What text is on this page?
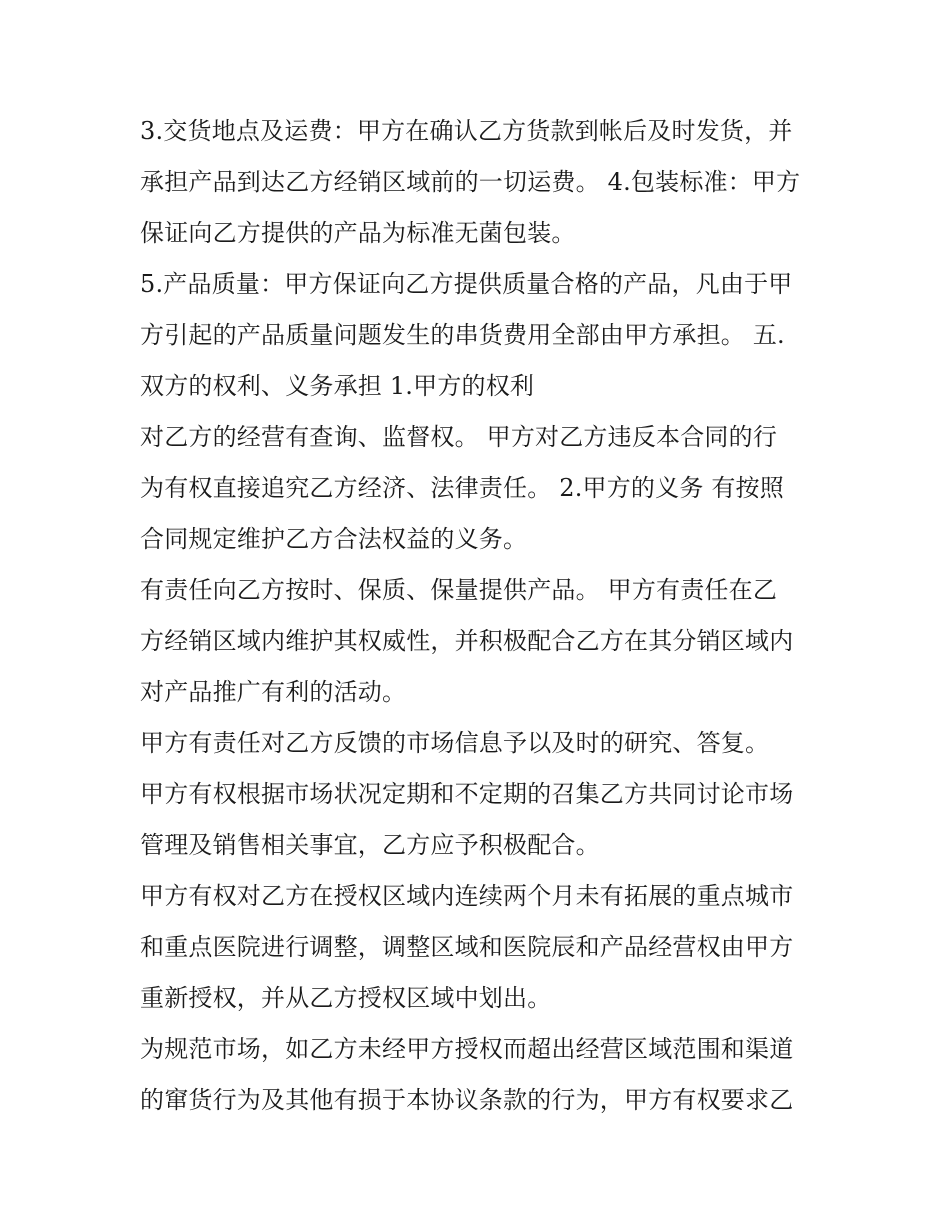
3.交货地点及运费：甲方在确认乙方货款到帐后及时发货，并
承担产品到达乙方经销区域前的一切运费。 4.包装标准：甲方
保证向乙方提供的产品为标准无菌包装。
5.产品质量：甲方保证向乙方提供质量合格的产品，凡由于甲
方引起的产品质量问题发生的串货费用全部由甲方承担。 五.
双方的权利、义务承担 1.甲方的权利
对乙方的经营有查询、监督权。 甲方对乙方违反本合同的行
为有权直接追究乙方经济、法律责任。 2.甲方的义务 有按照
合同规定维护乙方合法权益的义务。
有责任向乙方按时、保质、保量提供产品。 甲方有责任在乙
方经销区域内维护其权威性，并积极配合乙方在其分销区域内
对产品推广有利的活动。
甲方有责任对乙方反馈的市场信息予以及时的研究、答复。
甲方有权根据市场状况定期和不定期的召集乙方共同讨论市场
管理及销售相关事宜，乙方应予积极配合。
甲方有权对乙方在授权区域内连续两个月未有拓展的重点城市
和重点医院进行调整，调整区域和医院辰和产品经营权由甲方
重新授权，并从乙方授权区域中划出。
为规范市场，如乙方未经甲方授权而超出经营区域范围和渠道
的窜货行为及其他有损于本协议条款的行为，甲方有权要求乙
